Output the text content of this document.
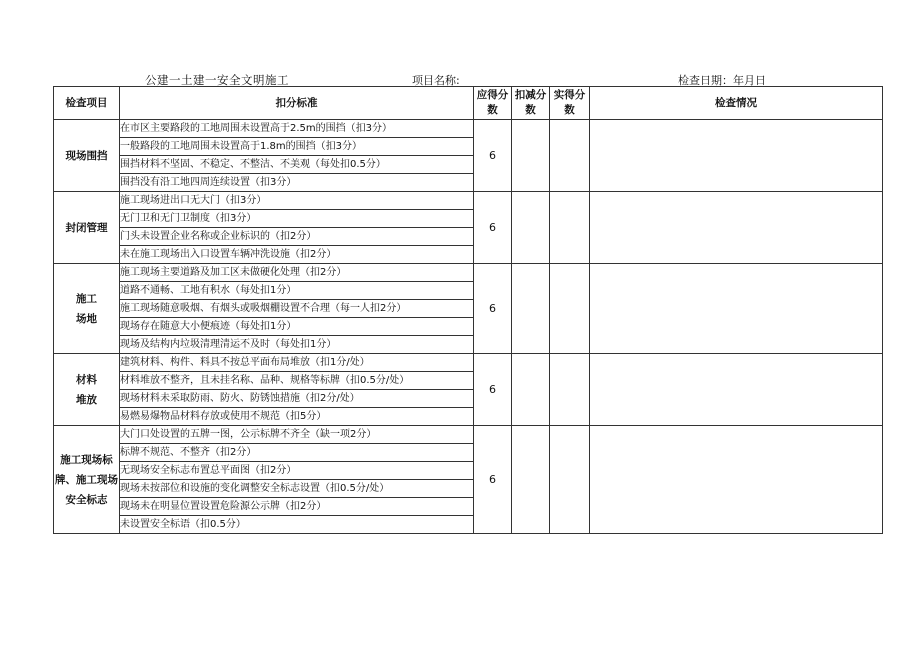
公建一土建一安全文明施工	项目名称:	检查日期：年月日
检查项目	扣分标准	应得分数	扣减分数	实得分数	检查情况
现场围挡	在市区主要路段的工地周围未设置高于2.5m的围挡（扣3分）	6			
	一般路段的工地周围未设置高于1.8m的围挡（扣3分）				
	围挡材料不坚固、不稳定、不整洁、不美观（每处扣0.5分）				
	围挡没有沿工地四周连续设置（扣3分）				
封闭管理	施工现场进出口无大门（扣3分）	6			
	无门卫和无门卫制度（扣3分）				
	门头未设置企业名称或企业标识的（扣2分）				
	未在施工现场出入口设置车辆冲洗设施（扣2分）				
施工
场地	施工现场主要道路及加工区未做硬化处理（扣2分）	6			
	道路不通畅、工地有积水（每处扣1分）				
	施工现场随意吸烟、有烟头或吸烟棚设置不合理（每一人扣2分）				
	现场存在随意大小便痕迹（每处扣1分）				
	现场及结构内垃圾清理清运不及时（每处扣1分）				
材料
堆放	建筑材料、构件、料具不按总平面布局堆放（扣1分/处）	6			
	材料堆放不整齐，且未挂名称、品种、规格等标牌（扣0.5分/处）				
	现场材料未采取防雨、防火、防锈蚀措施（扣2分/处）				
	易燃易爆物品材料存放或使用不规范（扣5分）				
施工现场标
牌、施工现场
安全标志	大门口处设置的五牌一图，公示标牌不齐全（缺一项2分）	6			
	标牌不规范、不整齐（扣2分）				
	无现场安全标志布置总平面图（扣2分）				
	现场未按部位和设施的变化调整安全标志设置（扣0.5分/处）				
	现场未在明显位置设置危险源公示牌（扣2分）				
	未设置安全标语（扣0.5分）				
